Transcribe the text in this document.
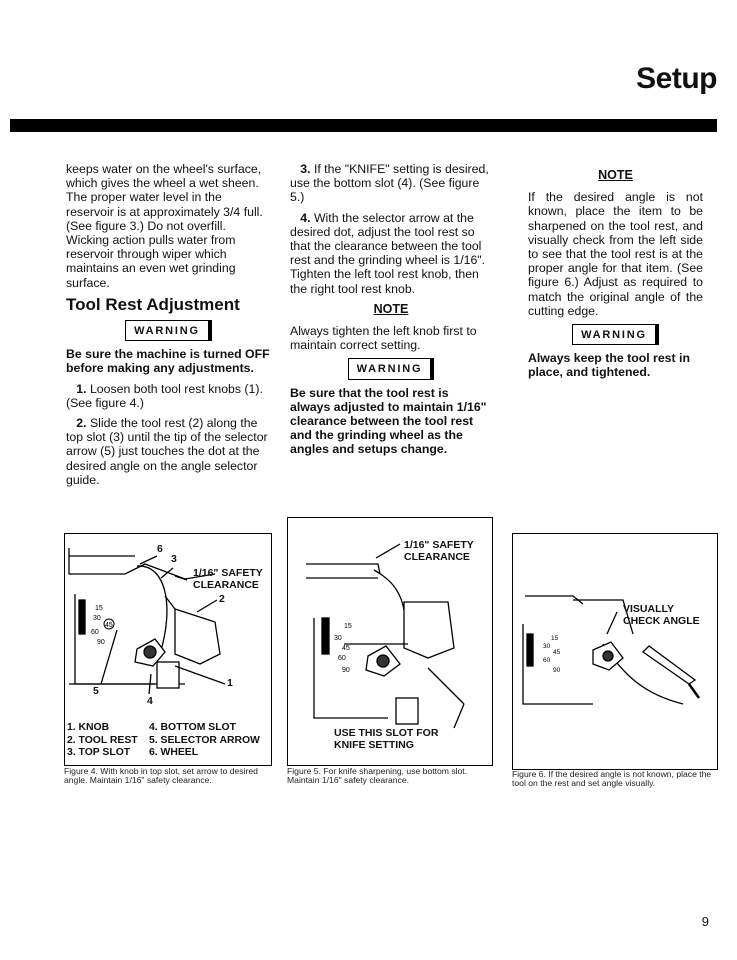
Setup

keeps water on the wheel's surface, which gives the wheel a wet sheen. The proper water level in the reservoir is at approximately 3/4 full. (See figure 3.) Do not overfill. Wicking action pulls water from reservoir through wiper which maintains an even wet grinding surface.

Tool Rest Adjustment
WARNING

Be sure the machine is turned OFF before making any adjustments.

1. Loosen both tool rest knobs (1). (See figure 4.)

2. Slide the tool rest (2) along the top slot (3) until the tip of the selector arrow (5) just touches the dot at the desired angle on the angle selector guide.

3. If the "KNIFE" setting is desired, use the bottom slot (4). (See figure 5.)

4. With the selector arrow at the desired dot, adjust the tool rest so that the clearance between the tool rest and the grinding wheel is 1/16". Tighten the left tool rest knob, then the right tool rest knob.

NOTE

Always tighten the left knob first to maintain correct setting.

WARNING

Be sure that the tool rest is always adjusted to maintain 1/16" clearance between the tool rest and the grinding wheel as the angles and setups change.

NOTE

If the desired angle is not known, place the item to be sharpened on the tool rest, and visually check from the left side to see that the tool rest is at the proper angle for that item. (See figure 6.) Adjust as required to match the original angle of the cutting edge.

WARNING

Always keep the tool rest in place, and tightened.

15
30
45
60
90
6
3
1/16" SAFETY
CLEARANCE
2
1
5
4
1. KNOB	4. BOTTOM SLOT
2. TOOL REST 5. SELECTOR ARROW
3. TOP SLOT 6. WHEEL
Figure 4. With knob in top slot, set arrow to desired angle. Maintain 1/16" safety clearance.
15
30
45
60
90
1/16" SAFETY
CLEARANCE
USE THIS SLOT FOR
KNIFE SETTING
Figure 5. For knife sharpening, use bottom slot. Maintain 1/16" safety clearance.
15
30
45
60
90
VISUALLY
CHECK ANGLE
Figure 6. If the desired angle is not known, place the tool on the rest and set angle visually.
9
